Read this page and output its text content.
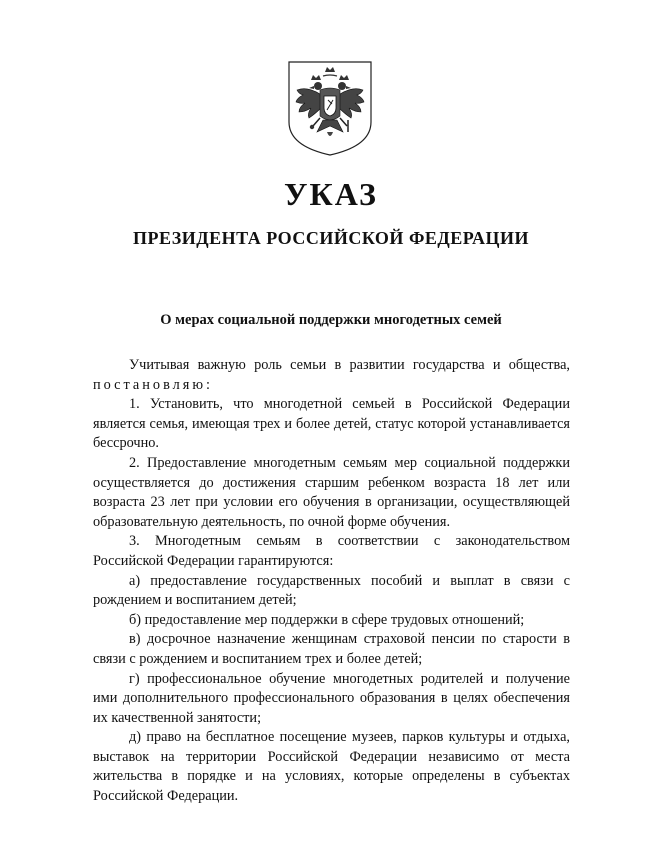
УКАЗ
ПРЕЗИДЕНТА РОССИЙСКОЙ ФЕДЕРАЦИИ
О мерах социальной поддержки многодетных семей

Учитывая важную роль семьи в развитии государства и общества, постановляю:

1. Установить, что многодетной семьей в Российской Федерации является семья, имеющая трех и более детей, статус которой устанавливается бессрочно.

2. Предоставление многодетным семьям мер социальной поддержки осуществляется до достижения старшим ребенком возраста 18 лет или возраста 23 лет при условии его обучения в организации, осуществляющей образовательную деятельность, по очной форме обучения.

3. Многодетным семьям в соответствии с законодательством Российской Федерации гарантируются:

а) предоставление государственных пособий и выплат в связи с рождением и воспитанием детей;

б) предоставление мер поддержки в сфере трудовых отношений;

в) досрочное назначение женщинам страховой пенсии по старости в связи с рождением и воспитанием трех и более детей;

г) профессиональное обучение многодетных родителей и получение ими дополнительного профессионального образования в целях обеспечения их качественной занятости;

д) право на бесплатное посещение музеев, парков культуры и отдыха, выставок на территории Российской Федерации независимо от места жительства в порядке и на условиях, которые определены в субъектах Российской Федерации.
